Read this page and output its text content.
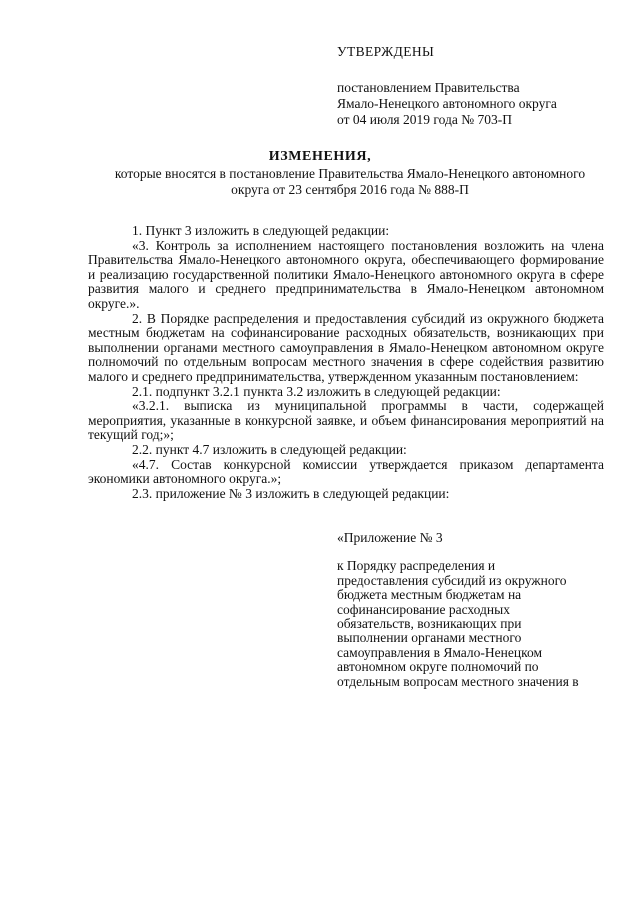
УТВЕРЖДЕНЫ
постановлением Правительства
Ямало-Ненецкого автономного округа
от 04 июля 2019 года № 703-П
ИЗМЕНЕНИЯ,
которые вносятся в постановление Правительства Ямало-Ненецкого автономного округа от 23 сентября 2016 года № 888-П

1. Пункт 3 изложить в следующей редакции:

«3. Контроль за исполнением настоящего постановления возложить на члена Правительства Ямало-Ненецкого автономного округа, обеспечивающего формирование и реализацию государственной политики Ямало-Ненецкого автономного округа в сфере развития малого и среднего предпринимательства в Ямало-Ненецком автономном округе.».

2. В Порядке распределения и предоставления субсидий из окружного бюджета местным бюджетам на софинансирование расходных обязательств, возникающих при выполнении органами местного самоуправления в Ямало-Ненецком автономном округе полномочий по отдельным вопросам местного значения в сфере содействия развитию малого и среднего предпринимательства, утвержденном указанным постановлением:

2.1. подпункт 3.2.1 пункта 3.2 изложить в следующей редакции:

«3.2.1. выписка из муниципальной программы в части, содержащей мероприятия, указанные в конкурсной заявке, и объем финансирования мероприятий на текущий год;»;

2.2. пункт 4.7 изложить в следующей редакции:

«4.7. Состав конкурсной комиссии утверждается приказом департамента экономики автономного округа.»;

2.3. приложение № 3 изложить в следующей редакции:

«Приложение № 3
к Порядку распределения и
предоставления субсидий из окружного
бюджета местным бюджетам на
софинансирование расходных
обязательств, возникающих при
выполнении органами местного
самоуправления в Ямало-Ненецком
автономном округе полномочий по
отдельным вопросам местного значения в
